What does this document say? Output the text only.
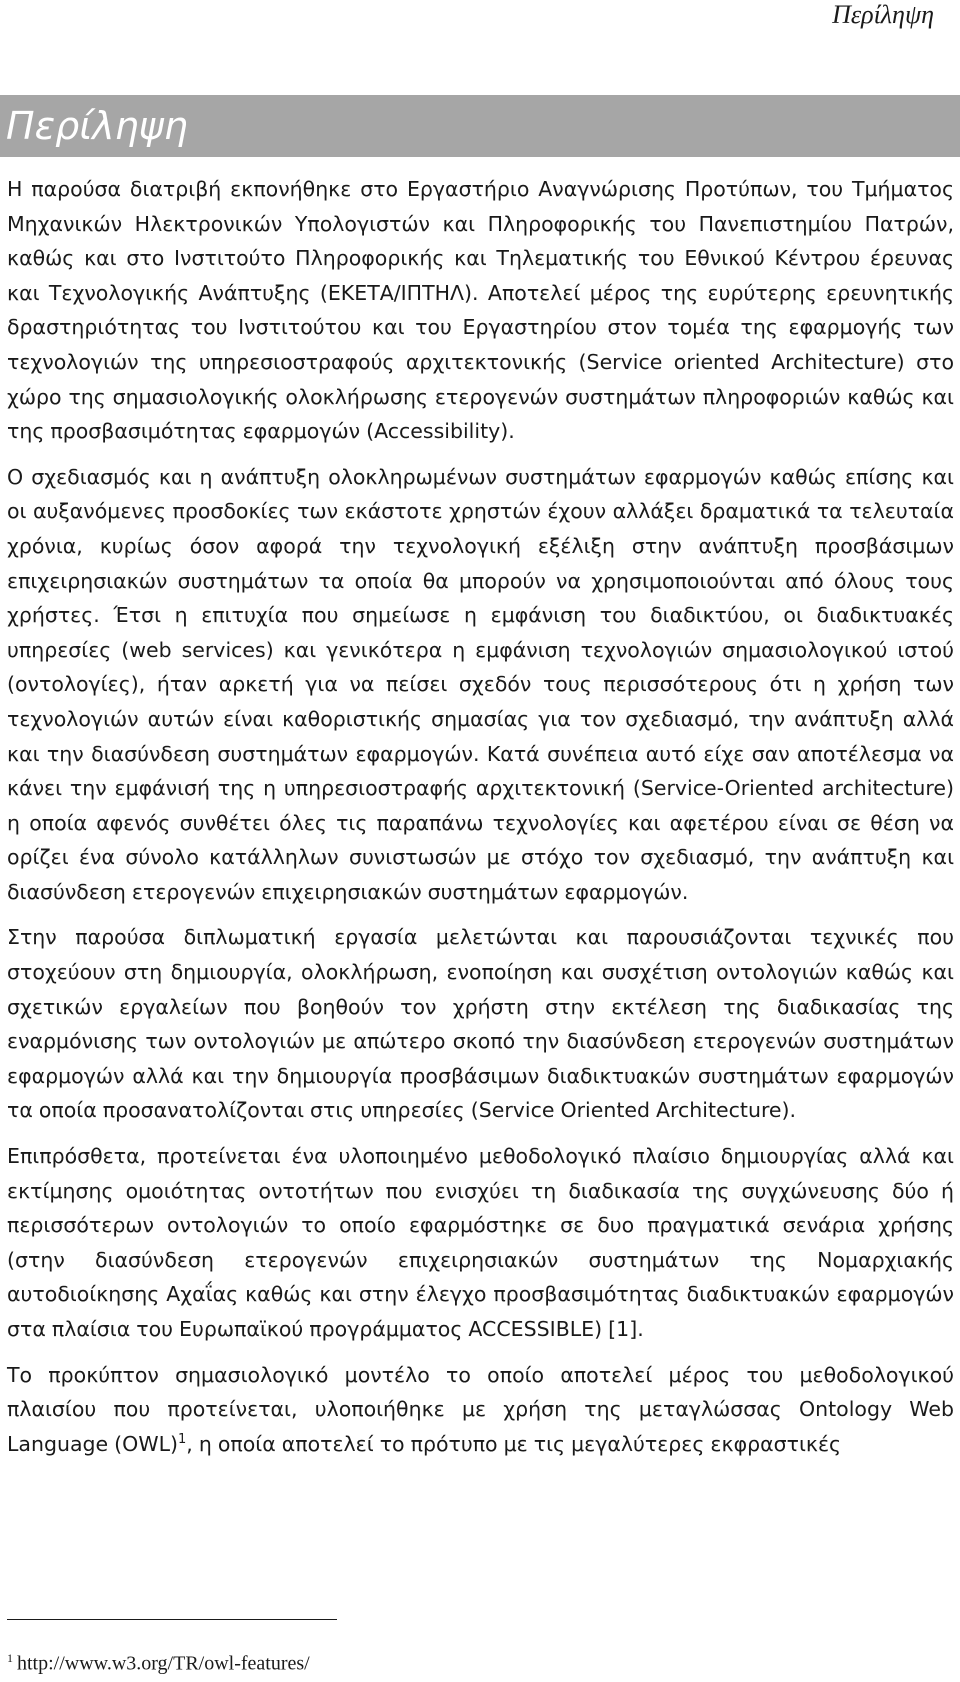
Περίληψη
Περίληψη

Η παρούσα διατριβή εκπονήθηκε στο Εργαστήριο Αναγνώρισης Προτύπων, του Τμήματος Μηχανικών Ηλεκτρονικών Υπολογιστών και Πληροφορικής του Πανεπιστημίου Πατρών, καθώς και στο Ινστιτούτο Πληροφορικής και Τηλεματικής του Εθνικού Κέντρου έρευνας και Τεχνολογικής Ανάπτυξης (ΕΚΕΤΑ/ΙΠΤΗΛ). Αποτελεί μέρος της ευρύτερης ερευνητικής δραστηριότητας του Ινστιτούτου και του Εργαστηρίου στον τομέα της εφαρμογής των τεχνολογιών της υπηρεσιοστραφούς αρχιτεκτονικής (Service oriented Architecture) στο χώρο της σημασιολογικής ολοκλήρωσης ετερογενών συστημάτων πληροφοριών καθώς και της προσβασιμότητας εφαρμογών (Accessibility).

Ο σχεδιασμός και η ανάπτυξη ολοκληρωμένων συστημάτων εφαρμογών καθώς επίσης και οι αυξανόμενες προσδοκίες των εκάστοτε χρηστών έχουν αλλάξει δραματικά τα τελευταία χρόνια, κυρίως όσον αφορά την τεχνολογική εξέλιξη στην ανάπτυξη προσβάσιμων επιχειρησιακών συστημάτων τα οποία θα μπορούν να χρησιμοποιούνται από όλους τους χρήστες. Έτσι η επιτυχία που σημείωσε η εμφάνιση του διαδικτύου, οι διαδικτυακές υπηρεσίες (web services) και γενικότερα η εμφάνιση τεχνολογιών σημασιολογικού ιστού (οντολογίες), ήταν αρκετή για να πείσει σχεδόν τους περισσότερους ότι η χρήση των τεχνολογιών αυτών είναι καθοριστικής σημασίας για τον σχεδιασμό, την ανάπτυξη αλλά και την διασύνδεση συστημάτων εφαρμογών. Κατά συνέπεια αυτό είχε σαν αποτέλεσμα να κάνει την εμφάνισή της η υπηρεσιοστραφής αρχιτεκτονική (Service-Oriented architecture) η οποία αφενός συνθέτει όλες τις παραπάνω τεχνολογίες και αφετέρου είναι σε θέση να ορίζει ένα σύνολο κατάλληλων συνιστωσών με στόχο τον σχεδιασμό, την ανάπτυξη και διασύνδεση ετερογενών επιχειρησιακών συστημάτων εφαρμογών.

Στην παρούσα διπλωματική εργασία μελετώνται και παρουσιάζονται τεχνικές που στοχεύουν στη δημιουργία, ολοκλήρωση, ενοποίηση και συσχέτιση οντολογιών καθώς και σχετικών εργαλείων που βοηθούν τον χρήστη στην εκτέλεση της διαδικασίας της εναρμόνισης των οντολογιών με απώτερο σκοπό την διασύνδεση ετερογενών συστημάτων εφαρμογών αλλά και την δημιουργία προσβάσιμων διαδικτυακών συστημάτων εφαρμογών τα οποία προσανατολίζονται στις υπηρεσίες (Service Oriented Architecture).

Επιπρόσθετα, προτείνεται ένα υλοποιημένο μεθοδολογικό πλαίσιο δημιουργίας αλλά και εκτίμησης ομοιότητας οντοτήτων που ενισχύει τη διαδικασία της συγχώνευσης δύο ή περισσότερων οντολογιών το οποίο εφαρμόστηκε σε δυο πραγματικά σενάρια χρήσης (στην διασύνδεση ετερογενών επιχειρησιακών συστημάτων της Νομαρχιακής αυτοδιοίκησης Αχαΐας καθώς και στην έλεγχο προσβασιμότητας διαδικτυακών εφαρμογών στα πλαίσια του Ευρωπαϊκού προγράμματος ACCESSIBLE) [1].

Το προκύπτον σημασιολογικό μοντέλο το οποίο αποτελεί μέρος του μεθοδολογικού πλαισίου που προτείνεται, υλοποιήθηκε με χρήση της μεταγλώσσας Ontology Web Language (OWL)$^1$, η οποία αποτελεί το πρότυπο με τις μεγαλύτερες εκφραστικές

$^1$ http://www.w3.org/TR/owl-features/
